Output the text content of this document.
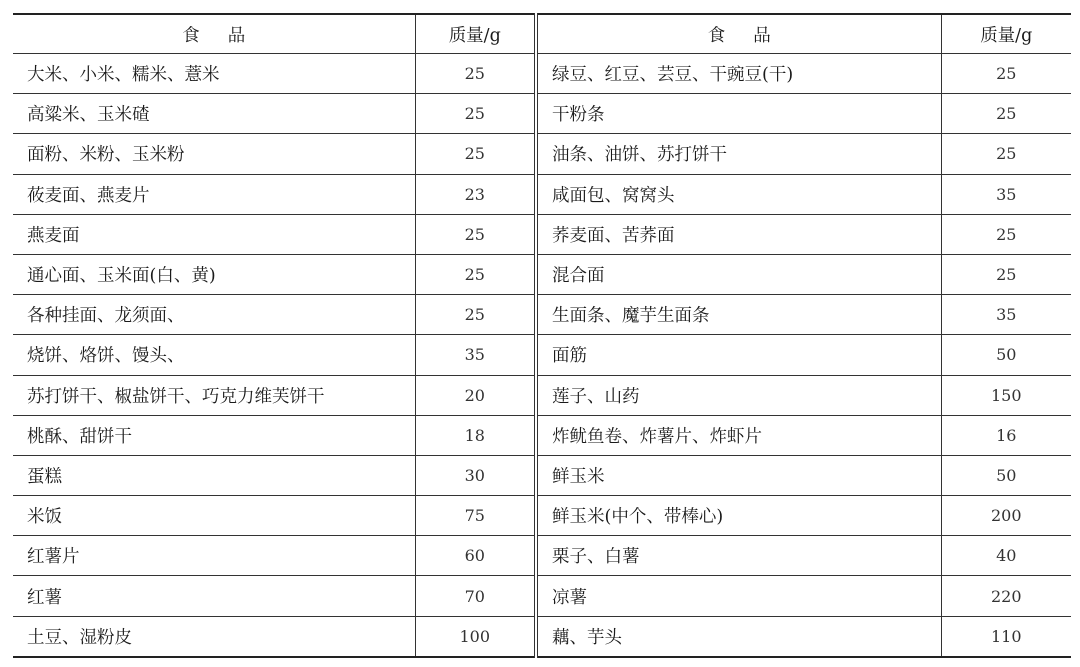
食品	质量/g	食品	质量/g
大米、小米、糯米、薏米	25	绿豆、红豆、芸豆、干豌豆(干)	25
高粱米、玉米碴	25	干粉条	25
面粉、米粉、玉米粉	25	油条、油饼、苏打饼干	25
莜麦面、燕麦片	23	咸面包、窝窝头	35
燕麦面	25	荞麦面、苦荞面	25
通心面、玉米面(白、黄)	25	混合面	25
各种挂面、龙须面、	25	生面条、魔芋生面条	35
烧饼、烙饼、馒头、	35	面筋	50
苏打饼干、椒盐饼干、巧克力维芙饼干	20	莲子、山药	150
桃酥、甜饼干	18	炸鱿鱼卷、炸薯片、炸虾片	16
蛋糕	30	鲜玉米	50
米饭	75	鲜玉米(中个、带棒心)	200
红薯片	60	栗子、白薯	40
红薯	70	凉薯	220
土豆、湿粉皮	100	藕、芋头	110
